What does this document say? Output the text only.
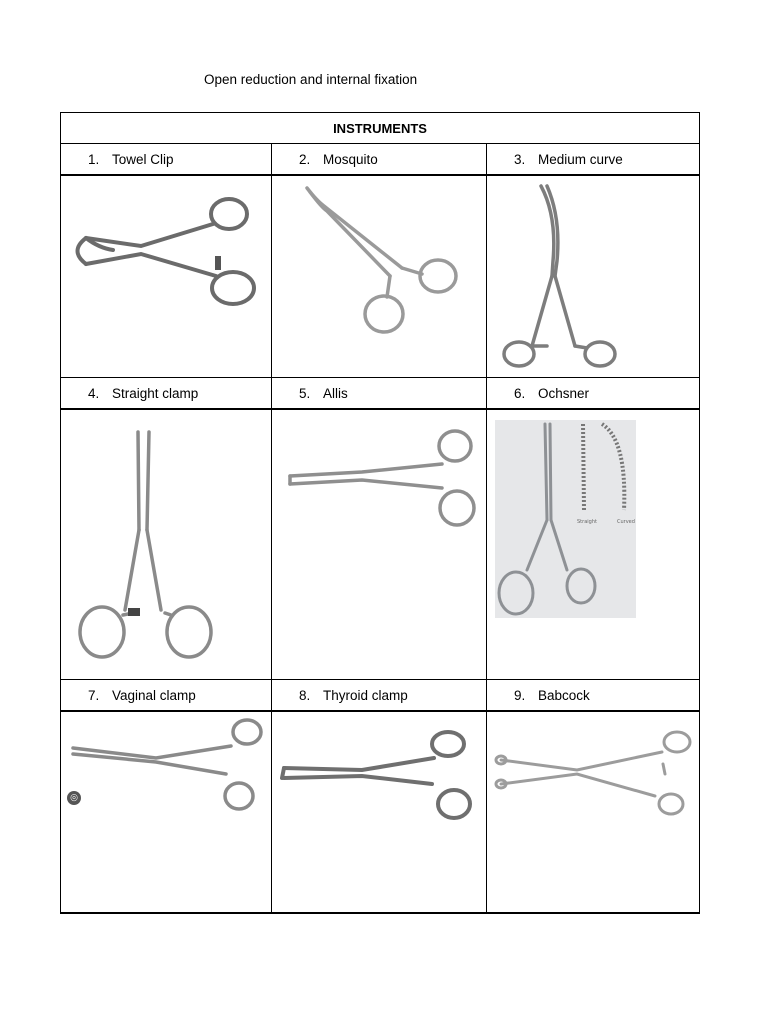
Open reduction and internal fixation
INSTRUMENTS		

1. Towel Clip	2. Mosquito	3. Medium curve

4. Straight clamp	5. Allis	6. Ochsner

Straight Curved

7. Vaginal clamp	8. Thyroid clamp	9. Babcock

◎
